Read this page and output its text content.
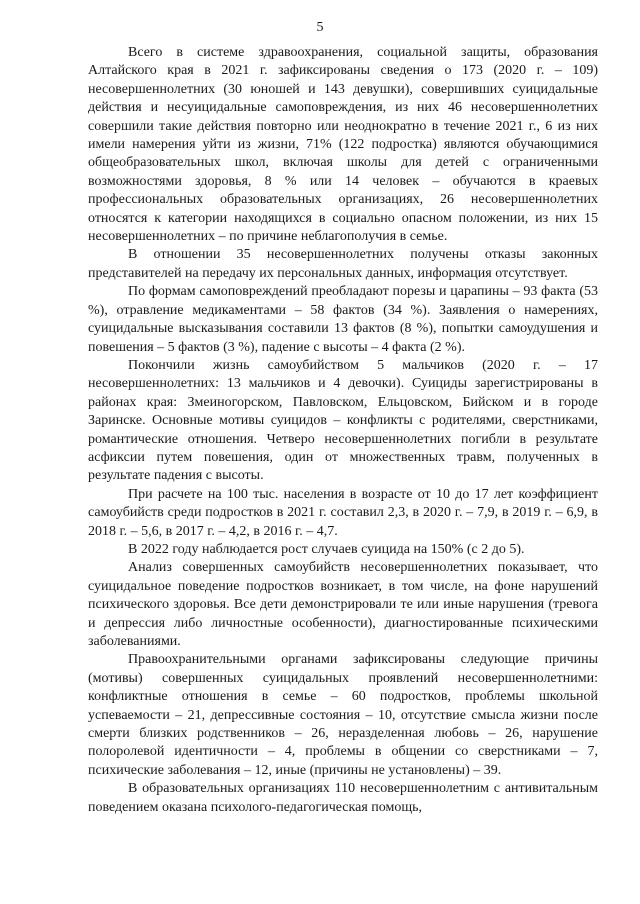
5

Всего в системе здравоохранения, социальной защиты, образования Алтайского края в 2021 г. зафиксированы сведения о 173 (2020 г. – 109) несовершеннолетних (30 юношей и 143 девушки), совершивших суицидальные действия и несуицидальные самоповреждения, из них 46 несовершеннолетних совершили такие действия повторно или неоднократно в течение 2021 г., 6 из них имели намерения уйти из жизни, 71% (122 подростка) являются обучающимися общеобразовательных школ, включая школы для детей с ограниченными возможностями здоровья, 8 % или 14 человек – обучаются в краевых профессиональных образовательных организациях, 26 несовершеннолетних относятся к категории находящихся в социально опасном положении, из них 15 несовершеннолетних – по причине неблагополучия в семье.

В отношении 35 несовершеннолетних получены отказы законных представителей на передачу их персональных данных, информация отсутствует.

По формам самоповреждений преобладают порезы и царапины – 93 факта (53 %), отравление медикаментами – 58 фактов (34 %). Заявления о намерениях, суицидальные высказывания составили 13 фактов (8 %), попытки самоудушения и повешения – 5 фактов (3 %), падение с высоты – 4 факта (2 %).

Покончили жизнь самоубийством 5 мальчиков (2020 г. – 17 несовершеннолетних: 13 мальчиков и 4 девочки). Суициды зарегистрированы в районах края: Змеиногорском, Павловском, Ельцовском, Бийском и в городе Заринске. Основные мотивы суицидов – конфликты с родителями, сверстниками, романтические отношения. Четверо несовершеннолетних погибли в результате асфиксии путем повешения, один от множественных травм, полученных в результате падения с высоты.

При расчете на 100 тыс. населения в возрасте от 10 до 17 лет коэффициент самоубийств среди подростков в 2021 г. составил 2,3, в 2020 г. – 7,9, в 2019 г. – 6,9, в 2018 г. – 5,6, в 2017 г. – 4,2, в 2016 г. – 4,7.

В 2022 году наблюдается рост случаев суицида на 150% (с 2 до 5).

Анализ совершенных самоубийств несовершеннолетних показывает, что суицидальное поведение подростков возникает, в том числе, на фоне нарушений психического здоровья. Все дети демонстрировали те или иные нарушения (тревога и депрессия либо личностные особенности), диагностированные психическими заболеваниями.

Правоохранительными органами зафиксированы следующие причины (мотивы) совершенных суицидальных проявлений несовершеннолетними: конфликтные отношения в семье – 60 подростков, проблемы школьной успеваемости – 21, депрессивные состояния – 10, отсутствие смысла жизни после смерти близких родственников – 26, неразделенная любовь – 26, нарушение полоролевой идентичности – 4, проблемы в общении со сверстниками – 7, психические заболевания – 12, иные (причины не установлены) – 39.

В образовательных организациях 110 несовершеннолетним с антивитальным поведением оказана психолого-педагогическая помощь,
